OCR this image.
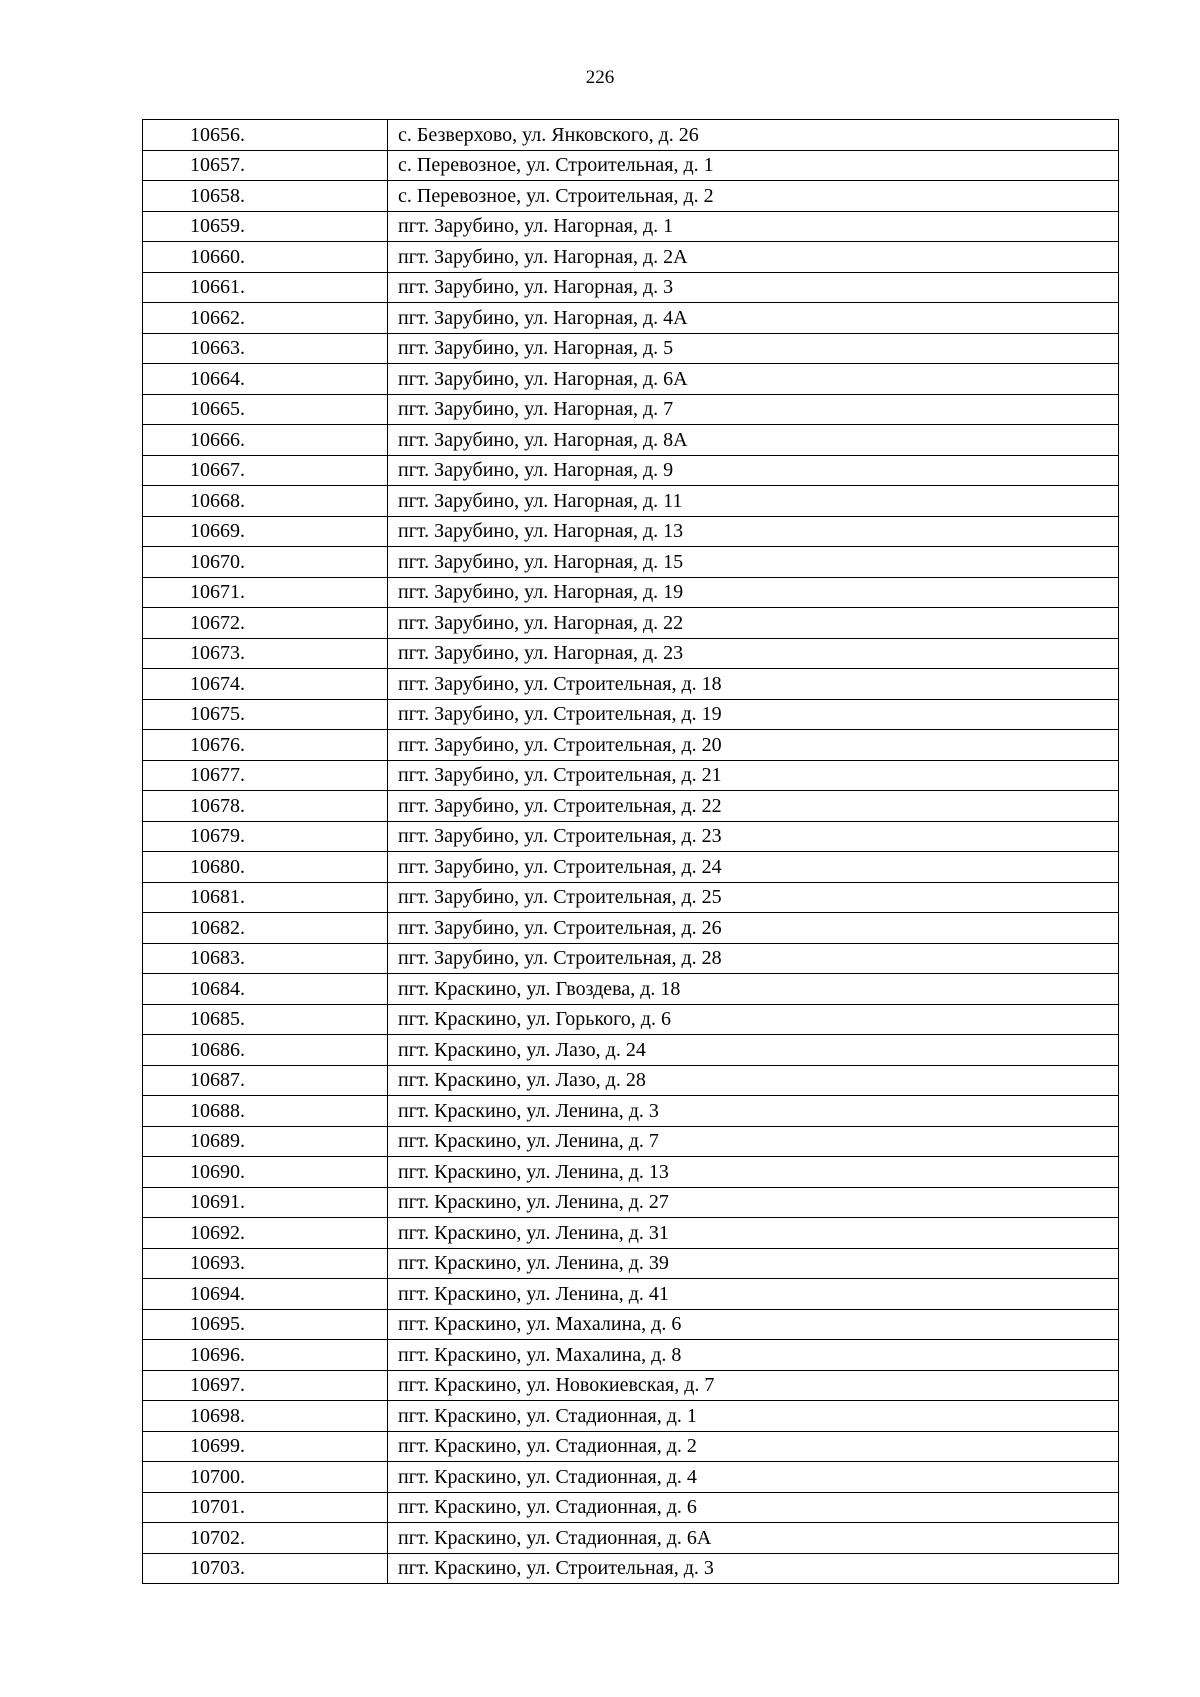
226
10656.	с. Безверхово, ул. Янковского, д. 26
10657.	с. Перевозное, ул. Строительная, д. 1
10658.	с. Перевозное, ул. Строительная, д. 2
10659.	пгт. Зарубино, ул. Нагорная, д. 1
10660.	пгт. Зарубино, ул. Нагорная, д. 2А
10661.	пгт. Зарубино, ул. Нагорная, д. 3
10662.	пгт. Зарубино, ул. Нагорная, д. 4А
10663.	пгт. Зарубино, ул. Нагорная, д. 5
10664.	пгт. Зарубино, ул. Нагорная, д. 6А
10665.	пгт. Зарубино, ул. Нагорная, д. 7
10666.	пгт. Зарубино, ул. Нагорная, д. 8А
10667.	пгт. Зарубино, ул. Нагорная, д. 9
10668.	пгт. Зарубино, ул. Нагорная, д. 11
10669.	пгт. Зарубино, ул. Нагорная, д. 13
10670.	пгт. Зарубино, ул. Нагорная, д. 15
10671.	пгт. Зарубино, ул. Нагорная, д. 19
10672.	пгт. Зарубино, ул. Нагорная, д. 22
10673.	пгт. Зарубино, ул. Нагорная, д. 23
10674.	пгт. Зарубино, ул. Строительная, д. 18
10675.	пгт. Зарубино, ул. Строительная, д. 19
10676.	пгт. Зарубино, ул. Строительная, д. 20
10677.	пгт. Зарубино, ул. Строительная, д. 21
10678.	пгт. Зарубино, ул. Строительная, д. 22
10679.	пгт. Зарубино, ул. Строительная, д. 23
10680.	пгт. Зарубино, ул. Строительная, д. 24
10681.	пгт. Зарубино, ул. Строительная, д. 25
10682.	пгт. Зарубино, ул. Строительная, д. 26
10683.	пгт. Зарубино, ул. Строительная, д. 28
10684.	пгт. Краскино, ул. Гвоздева, д. 18
10685.	пгт. Краскино, ул. Горького, д. 6
10686.	пгт. Краскино, ул. Лазо, д. 24
10687.	пгт. Краскино, ул. Лазо, д. 28
10688.	пгт. Краскино, ул. Ленина, д. 3
10689.	пгт. Краскино, ул. Ленина, д. 7
10690.	пгт. Краскино, ул. Ленина, д. 13
10691.	пгт. Краскино, ул. Ленина, д. 27
10692.	пгт. Краскино, ул. Ленина, д. 31
10693.	пгт. Краскино, ул. Ленина, д. 39
10694.	пгт. Краскино, ул. Ленина, д. 41
10695.	пгт. Краскино, ул. Махалина, д. 6
10696.	пгт. Краскино, ул. Махалина, д. 8
10697.	пгт. Краскино, ул. Новокиевская, д. 7
10698.	пгт. Краскино, ул. Стадионная, д. 1
10699.	пгт. Краскино, ул. Стадионная, д. 2
10700.	пгт. Краскино, ул. Стадионная, д. 4
10701.	пгт. Краскино, ул. Стадионная, д. 6
10702.	пгт. Краскино, ул. Стадионная, д. 6А
10703.	пгт. Краскино, ул. Строительная, д. 3
